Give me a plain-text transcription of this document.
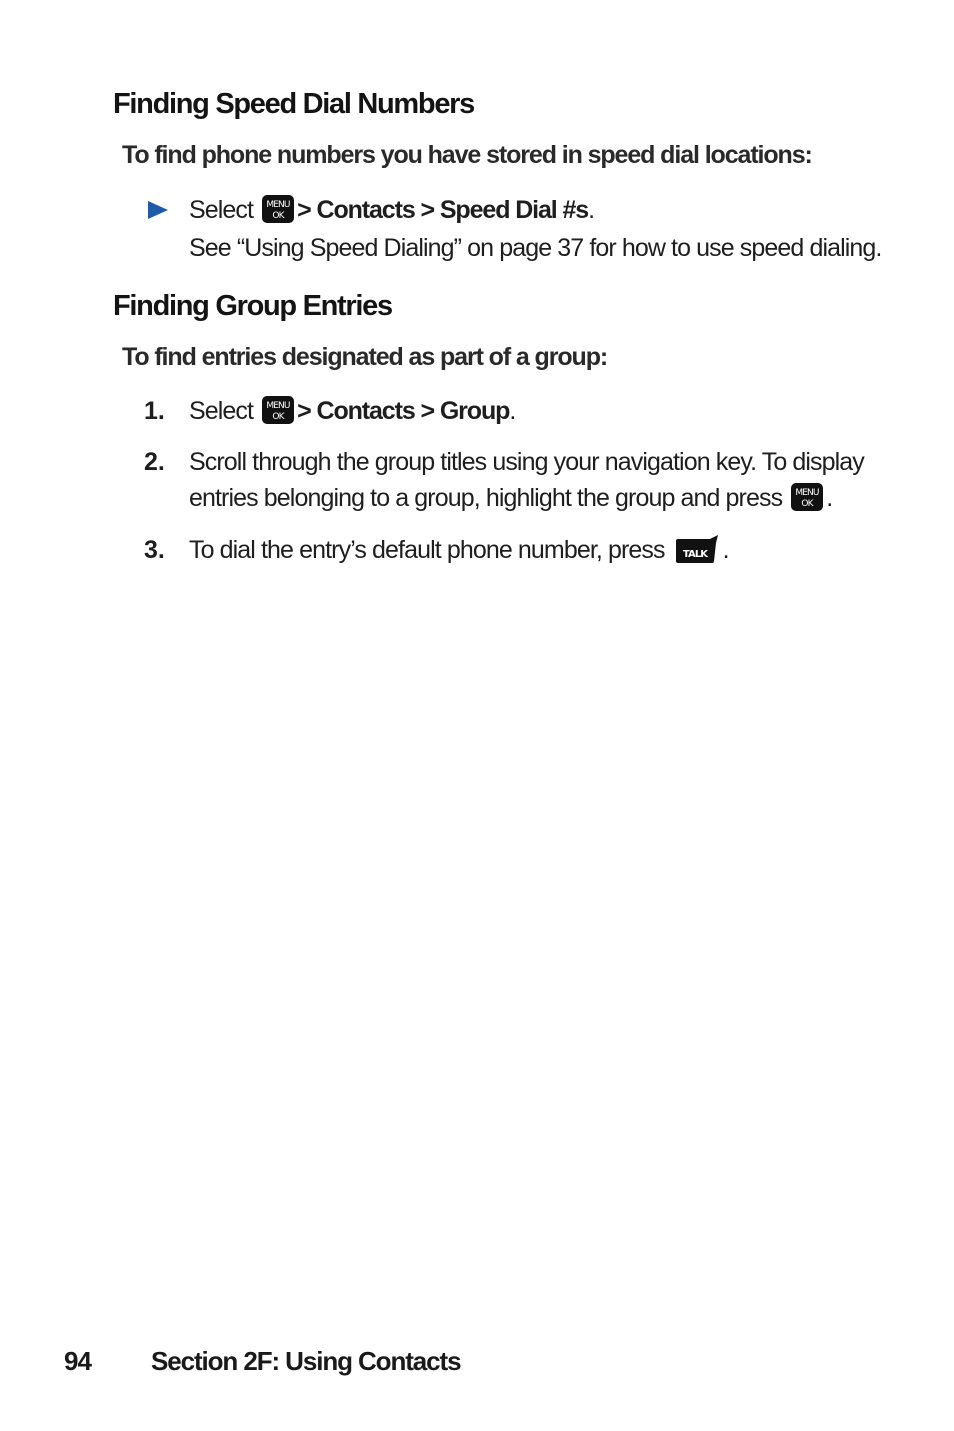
Finding Speed Dial Numbers
To find phone numbers you have stored in speed dial locations:
Select MENU
OK > Contacts > Speed Dial #s.
See “Using Speed Dialing” on page 37 for how to use speed dialing.
Finding Group Entries
To find entries designated as part of a group:
1. Select MENU
OK > Contacts > Group.
2. Scroll through the group titles using your navigation key. To display
entries belonging to a group, highlight the group and press MENU
OK .
3. To dial the entry’s default phone number, press TALK .
94 Section 2F: Using Contacts
